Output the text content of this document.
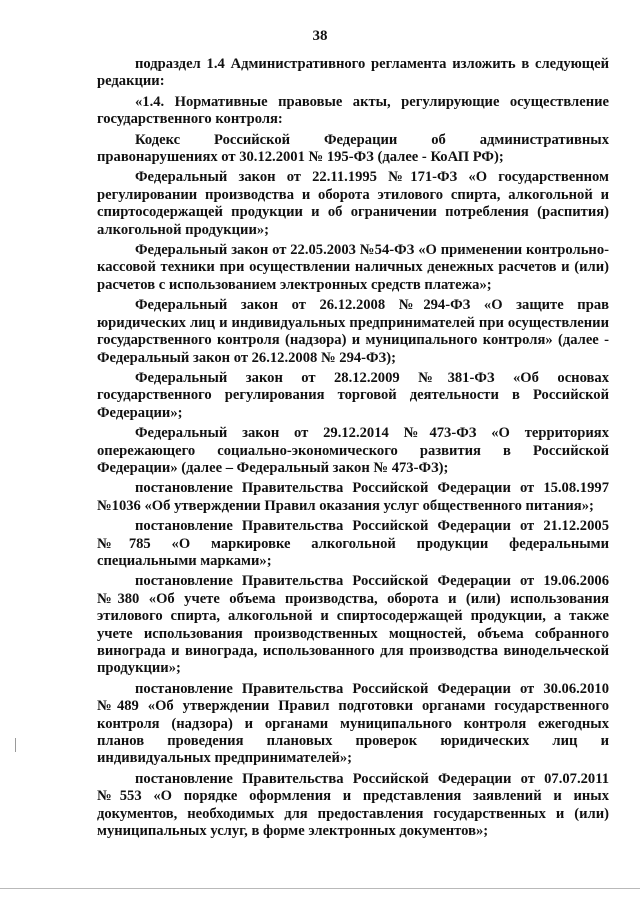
38

подраздел 1.4 Административного регламента изложить в следующей редакции:

«1.4. Нормативные правовые акты, регулирующие осуществление государственного контроля:

Кодекс Российской Федерации об административных правонарушениях от 30.12.2001 № 195-ФЗ (далее - КоАП РФ);

Федеральный закон от 22.11.1995 №171-ФЗ «О государственном регулировании производства и оборота этилового спирта, алкогольной и спиртосодержащей продукции и об ограничении потребления (распития) алкогольной продукции»;

Федеральный закон от 22.05.2003 №54-ФЗ «О применении контрольно-кассовой техники при осуществлении наличных денежных расчетов и (или) расчетов с использованием электронных средств платежа»;

Федеральный закон от 26.12.2008 №294-ФЗ «О защите прав юридических лиц и индивидуальных предпринимателей при осуществлении государственного контроля (надзора) и муниципального контроля» (далее - Федеральный закон от 26.12.2008 № 294-ФЗ);

Федеральный закон от 28.12.2009 №381-ФЗ «Об основах государственного регулирования торговой деятельности в Российской Федерации»;

Федеральный закон от 29.12.2014 №473-ФЗ «О территориях опережающего социально-экономического развития в Российской Федерации» (далее – Федеральный закон № 473-ФЗ);

постановление Правительства Российской Федерации от 15.08.1997 №1036 «Об утверждении Правил оказания услуг общественного питания»;

постановление Правительства Российской Федерации от 21.12.2005 №785 «О маркировке алкогольной продукции федеральными специальными марками»;

постановление Правительства Российской Федерации от 19.06.2006 №380 «Об учете объема производства, оборота и (или) использования этилового спирта, алкогольной и спиртосодержащей продукции, а также учете использования производственных мощностей, объема собранного винограда и винограда, использованного для производства винодельческой продукции»;

постановление Правительства Российской Федерации от 30.06.2010 №489 «Об утверждении Правил подготовки органами государственного контроля (надзора) и органами муниципального контроля ежегодных планов проведения плановых проверок юридических лиц и индивидуальных предпринимателей»;

постановление Правительства Российской Федерации от 07.07.2011 №553 «О порядке оформления и представления заявлений и иных документов, необходимых для предоставления государственных и (или) муниципальных услуг, в форме электронных документов»;
